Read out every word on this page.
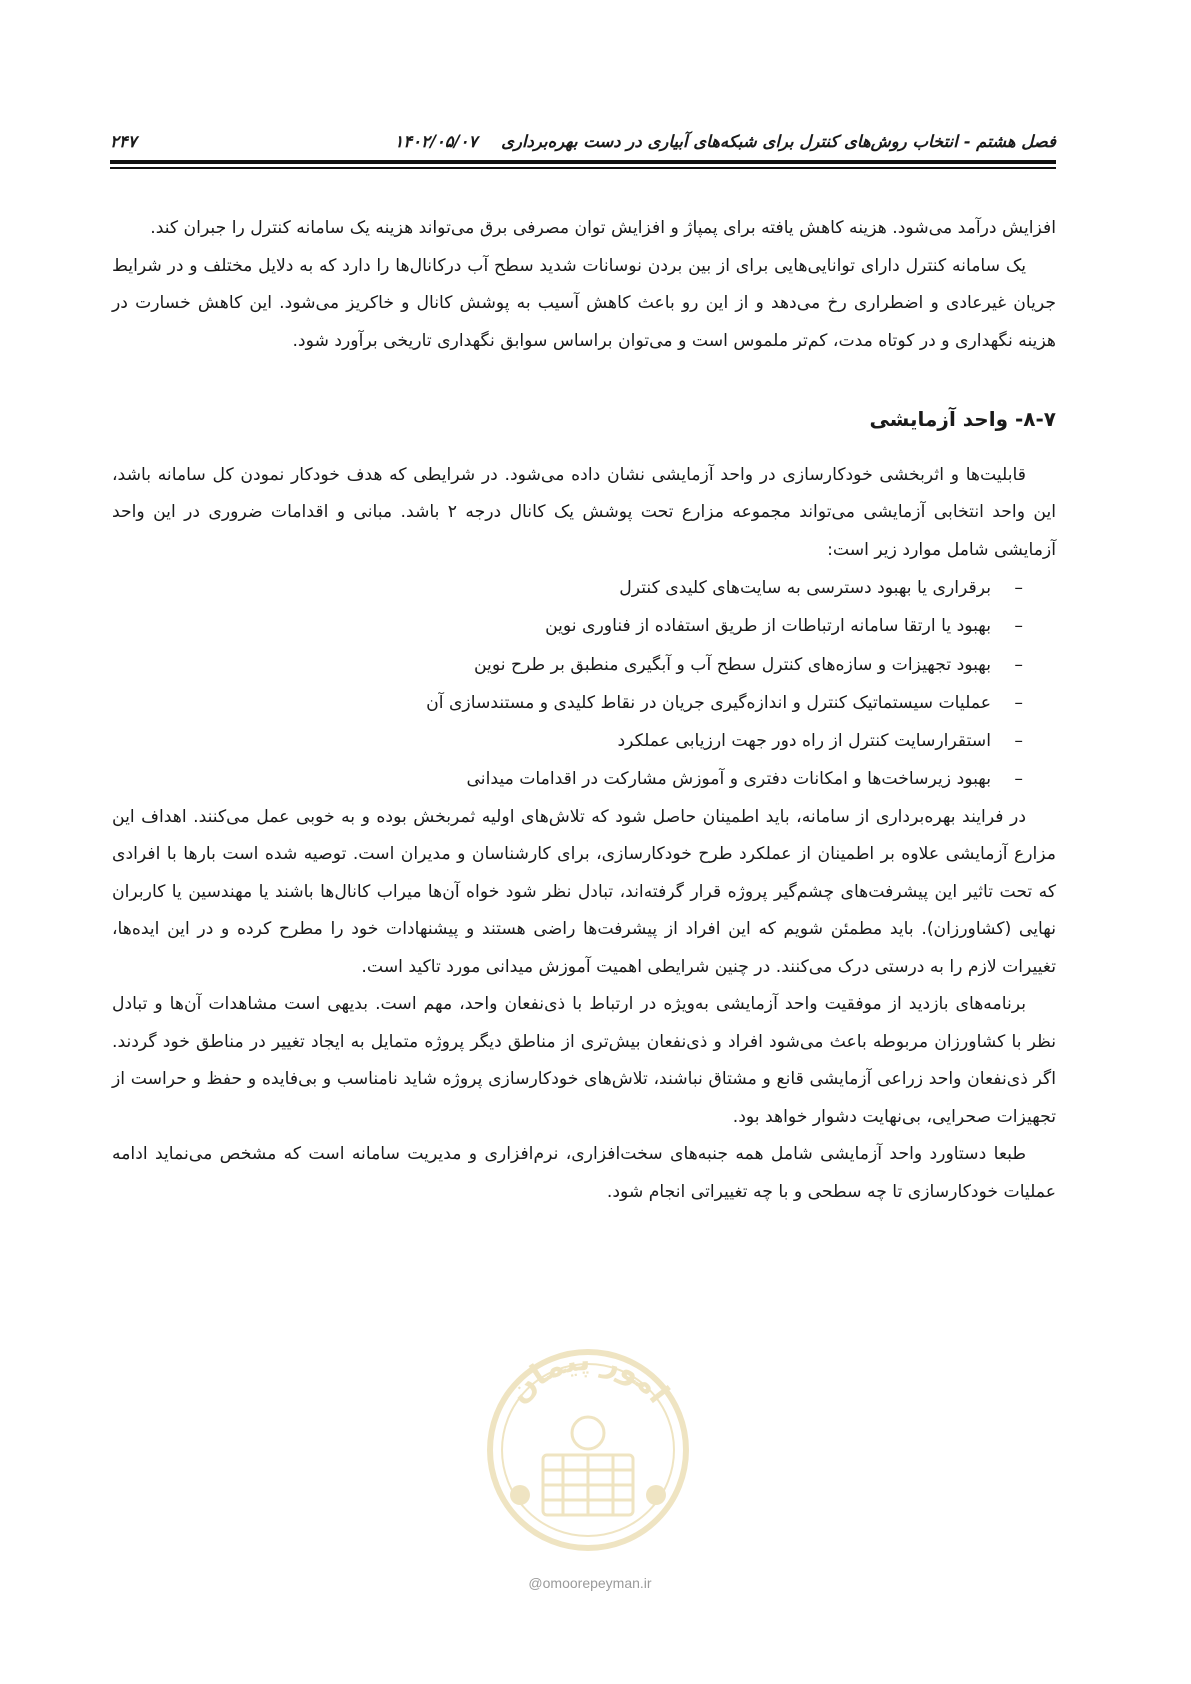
فصل هشتم - انتخاب روش‌های کنترل برای شبکه‌های آبیاری در دست بهره‌برداری ۱۴۰۲/۰۵/۰۷
۲۴۷

افزایش درآمد می‌شود. هزینه کاهش یافته برای پمپاژ و افزایش توان مصرفی برق می‌تواند هزینه یک سامانه کنترل را جبران کند.

یک سامانه کنترل دارای توانایی‌هایی برای از بین بردن نوسانات شدید سطح آب درکانال‌ها را دارد که به دلایل مختلف و در شرایط جریان غیرعادی و اضطراری رخ می‌دهد و از این رو باعث کاهش آسیب به پوشش کانال و خاکریز می‌شود. این کاهش خسارت در هزینه نگهداری و در کوتاه مدت، کم‌تر ملموس است و می‌توان براساس سوابق نگهداری تاریخی برآورد شود.

۸-۷- واحد آزمایشی

قابلیت‌ها و اثربخشی خودکارسازی در واحد آزمایشی نشان داده می‌شود. در شرایطی که هدف خودکار نمودن کل سامانه باشد، این واحد انتخابی آزمایشی می‌تواند مجموعه مزارع تحت پوشش یک کانال درجه ۲ باشد. مبانی و اقدامات ضروری در این واحد آزمایشی شامل موارد زیر است:

–
برقراری یا بهبود دسترسی به سایت‌های کلیدی کنترل
–
بهبود یا ارتقا سامانه ارتباطات از طریق استفاده از فناوری نوین
–
بهبود تجهیزات و سازه‌های کنترل سطح آب و آبگیری منطبق بر طرح نوین
–
عملیات سیستماتیک کنترل و اندازه‌گیری جریان در نقاط کلیدی و مستندسازی آن
–
استقرارسایت کنترل از راه دور جهت ارزیابی عملکرد
–
بهبود زیرساخت‌ها و امکانات دفتری و آموزش مشارکت در اقدامات میدانی

در فرایند بهره‌برداری از سامانه، باید اطمینان حاصل شود که تلاش‌های اولیه ثمربخش بوده و به خوبی عمل می‌کنند. اهداف این مزارع آزمایشی علاوه بر اطمینان از عملکرد طرح خودکارسازی، برای کارشناسان و مدیران است. توصیه شده است بارها با افرادی که تحت تاثیر این پیشرفت‌های چشم‌گیر پروژه قرار گرفته‌اند، تبادل نظر شود خواه آن‌ها میراب کانال‌ها باشند یا مهندسین یا کاربران نهایی (کشاورزان). باید مطمئن شویم که این افراد از پیشرفت‌ها راضی هستند و پیشنهادات خود را مطرح کرده و در این ایده‌ها، تغییرات لازم را به درستی درک می‌کنند. در چنین شرایطی اهمیت آموزش میدانی مورد تاکید است.

برنامه‌های بازدید از موفقیت واحد آزمایشی به‌ویژه در ارتباط با ذی‌نفعان واحد، مهم است. بدیهی است مشاهدات آن‌ها و تبادل نظر با کشاورزان مربوطه باعث می‌شود افراد و ذی‌نفعان بیش‌تری از مناطق دیگر پروژه متمایل به ایجاد تغییر در مناطق خود گردند. اگر ذی‌نفعان واحد زراعی آزمایشی قانع و مشتاق نباشند، تلاش‌های خودکارسازی پروژه شاید نامناسب و بی‌فایده و حفظ و حراست از تجهیزات صحرایی، بی‌نهایت دشوار خواهد بود.

طبعا دستاورد واحد آزمایشی شامل همه جنبه‌های سخت‌افزاری، نرم‌افزاری و مدیریت سامانه است که مشخص می‌نماید ادامه عملیات خودکارسازی تا چه سطحی و با چه تغییراتی انجام شود.

امور پیمان
@omoorepeyman.ir
